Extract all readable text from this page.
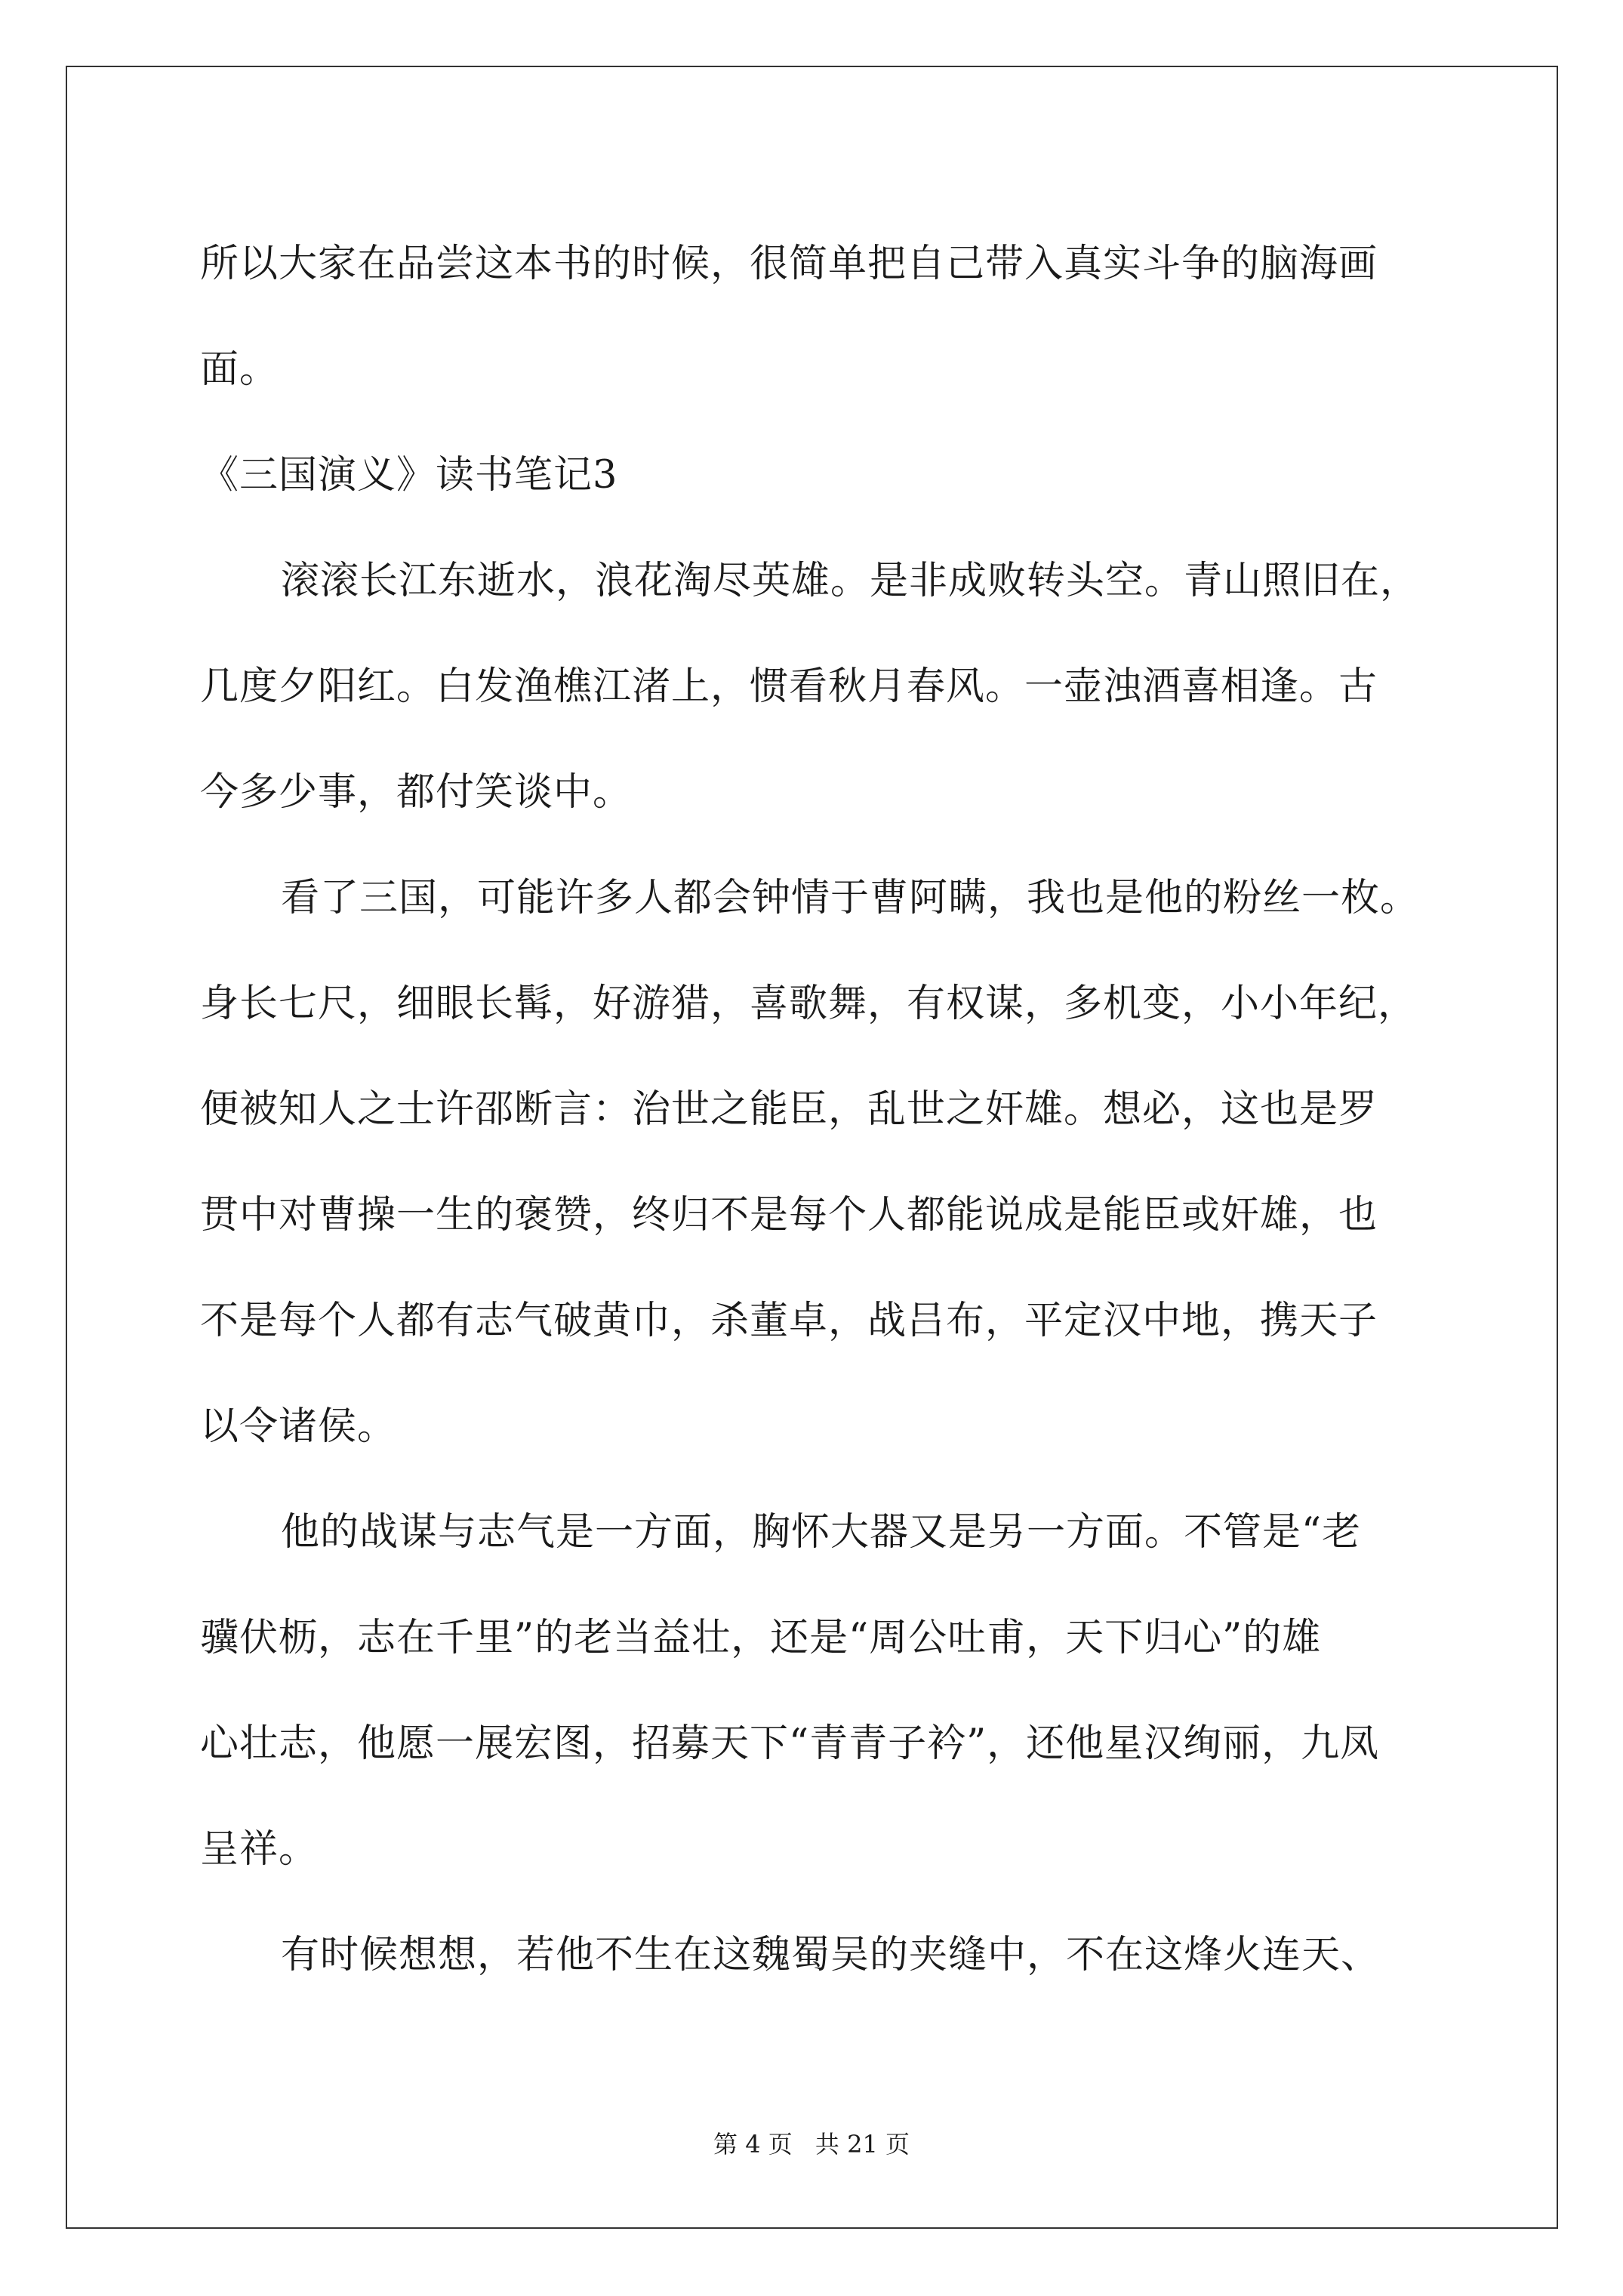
所以大家在品尝这本书的时候，很简单把自己带入真实斗争的脑海画
面。
《三国演义》读书笔记3
滚滚长江东逝水，浪花淘尽英雄。是非成败转头空。青山照旧在，
几度夕阳红。白发渔樵江渚上，惯看秋月春风。一壶浊酒喜相逢。古
今多少事，都付笑谈中。
看了三国，可能许多人都会钟情于曹阿瞒，我也是他的粉丝一枚。
身长七尺，细眼长髯，好游猎，喜歌舞，有权谋，多机变，小小年纪，
便被知人之士许邵断言：治世之能臣，乱世之奸雄。想必，这也是罗
贯中对曹操一生的褒赞，终归不是每个人都能说成是能臣或奸雄，也
不是每个人都有志气破黄巾，杀董卓，战吕布，平定汉中地，携天子
以令诸侯。
他的战谋与志气是一方面，胸怀大器又是另一方面。不管是“老
骥伏枥，志在千里”的老当益壮，还是“周公吐甫，天下归心”的雄
心壮志，他愿一展宏图，招募天下“青青子衿”，还他星汉绚丽，九凤
呈祥。
有时候想想，若他不生在这魏蜀吴的夹缝中，不在这烽火连天、
第 4 页 共 21 页
